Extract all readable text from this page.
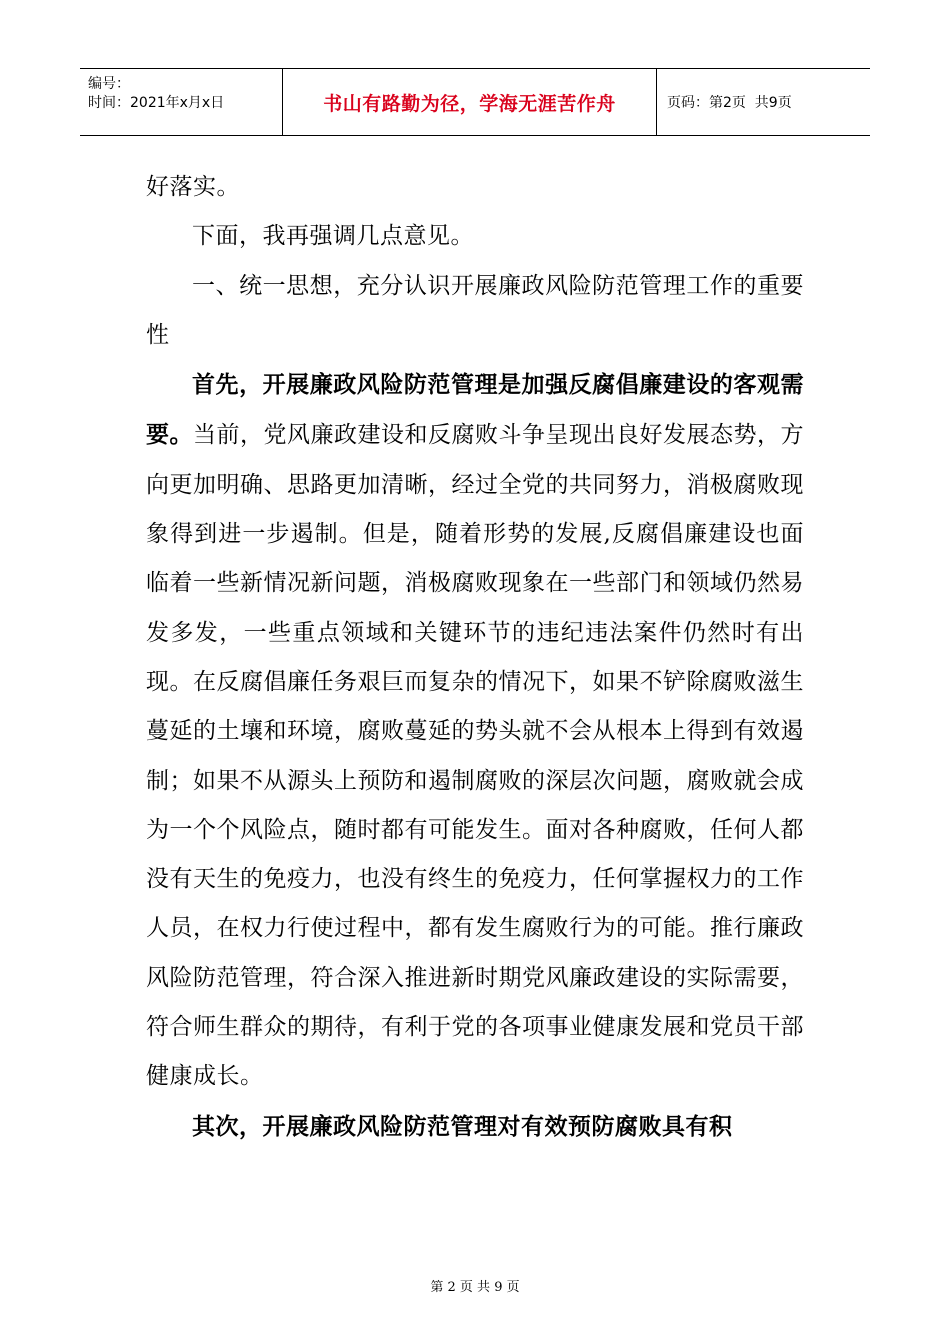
编号：
时间：2021年x月x日	书山有路勤为径，学海无涯苦作舟	页码：第2页  共9页

好落实。

下面，我再强调几点意见。

一、统一思想，充分认识开展廉政风险防范管理工作的重要性

首先，开展廉政风险防范管理是加强反腐倡廉建设的客观需要。当前，党风廉政建设和反腐败斗争呈现出良好发展态势，方向更加明确、思路更加清晰，经过全党的共同努力，消极腐败现象得到进一步遏制。但是，随着形势的发展,反腐倡廉建设也面临着一些新情况新问题，消极腐败现象在一些部门和领域仍然易发多发，一些重点领域和关键环节的违纪违法案件仍然时有出现。在反腐倡廉任务艰巨而复杂的情况下，如果不铲除腐败滋生蔓延的土壤和环境，腐败蔓延的势头就不会从根本上得到有效遏制；如果不从源头上预防和遏制腐败的深层次问题，腐败就会成为一个个风险点，随时都有可能发生。面对各种腐败，任何人都没有天生的免疫力，也没有终生的免疫力，任何掌握权力的工作人员，在权力行使过程中，都有发生腐败行为的可能。推行廉政风险防范管理，符合深入推进新时期党风廉政建设的实际需要，符合师生群众的期待，有利于党的各项事业健康发展和党员干部健康成长。

其次，开展廉政风险防范管理对有效预防腐败具有积

第 2 页 共 9 页
